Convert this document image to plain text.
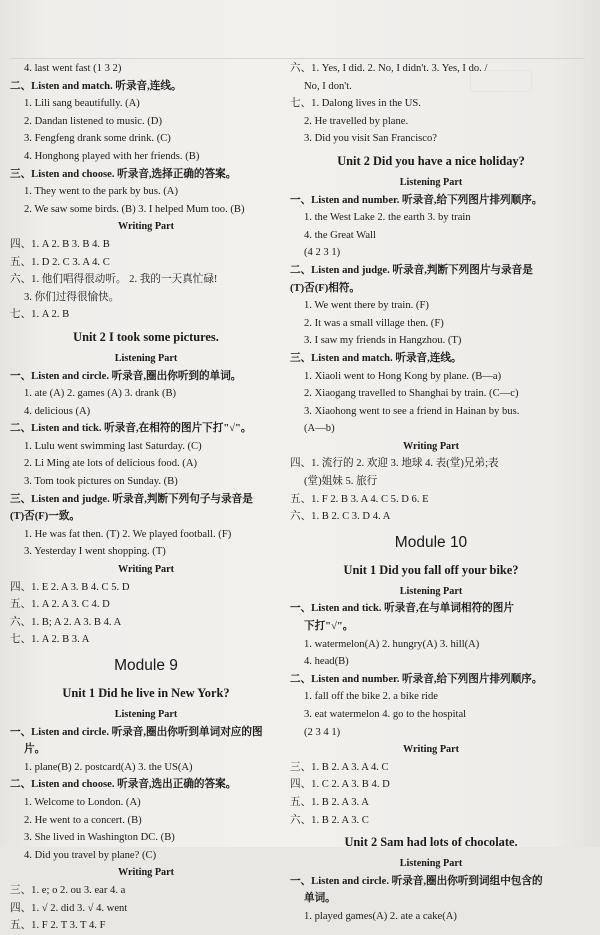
4. last went fast (1 3 2)
二、Listen and match. 听录音,连线。
1. Lili sang beautifully. (A)
2. Dandan listened to music. (D)
3. Fengfeng drank some drink. (C)
4. Honghong played with her friends. (B)
三、Listen and choose. 听录音,选择正确的答案。
1. They went to the park by bus. (A)
2. We saw some birds. (B) 3. I helped Mum too. (B)
Writing Part
四、1. A 2. B 3. B 4. B
五、1. D 2. C 3. A 4. C
六、1. 他们唱得很动听。 2. 我的一天真忙碌!
3. 你们过得很愉快。
七、1. A 2. B
Unit 2 I took some pictures.
Listening Part
一、Listen and circle. 听录音,圈出你听到的单词。
1. ate (A) 2. games (A) 3. drank (B)
4. delicious (A)
二、Listen and tick. 听录音,在相符的图片下打"√"。
1. Lulu went swimming last Saturday. (C)
2. Li Ming ate lots of delicious food. (A)
3. Tom took pictures on Sunday. (B)
三、Listen and judge. 听录音,判断下列句子与录音是
(T)否(F)一致。
1. He was fat then. (T) 2. We played football. (F)
3. Yesterday I went shopping. (T)
Writing Part
四、1. E 2. A 3. B 4. C 5. D
五、1. A 2. A 3. C 4. D
六、1. B; A 2. A 3. B 4. A
七、1. A 2. B 3. A
Module 9
Unit 1 Did he live in New York?
Listening Part
一、Listen and circle. 听录音,圈出你听到单词对应的图
片。
1. plane(B) 2. postcard(A) 3. the US(A)
二、Listen and choose. 听录音,选出正确的答案。
1. Welcome to London. (A)
2. He went to a concert. (B)
3. She lived in Washington DC. (B)
4. Did you travel by plane? (C)
Writing Part
三、1. e; o 2. ou 3. ear 4. a
四、1. √ 2. did 3. √ 4. went
五、1. F 2. T 3. T 4. F
六、1. Yes, I did. 2. No, I didn't. 3. Yes, I do. /
No, I don't.
七、1. Dalong lives in the US.
2. He travelled by plane.
3. Did you visit San Francisco?
Unit 2 Did you have a nice holiday?
Listening Part
一、Listen and number. 听录音,给下列图片排列顺序。
1. the West Lake 2. the earth 3. by train
4. the Great Wall
(4 2 3 1)
二、Listen and judge. 听录音,判断下列图片与录音是
(T)否(F)相符。
1. We went there by train. (F)
2. It was a small village then. (F)
3. I saw my friends in Hangzhou. (T)
三、Listen and match. 听录音,连线。
1. Xiaoli went to Hong Kong by plane. (B—a)
2. Xiaogang travelled to Shanghai by train. (C—c)
3. Xiaohong went to see a friend in Hainan by bus.
(A—b)
Writing Part
四、1. 流行的 2. 欢迎 3. 地球 4. 表(堂)兄弟;表
(堂)姐妹 5. 旅行
五、1. F 2. B 3. A 4. C 5. D 6. E
六、1. B 2. C 3. D 4. A
Module 10
Unit 1 Did you fall off your bike?
Listening Part
一、Listen and tick. 听录音,在与单词相符的图片
下打"√"。
1. watermelon(A) 2. hungry(A) 3. hill(A)
4. head(B)
二、Listen and number. 听录音,给下列图片排列顺序。
1. fall off the bike 2. a bike ride
3. eat watermelon 4. go to the hospital
(2 3 4 1)
Writing Part
三、1. B 2. A 3. A 4. C
四、1. C 2. A 3. B 4. D
五、1. B 2. A 3. A
六、1. B 2. A 3. C
Unit 2 Sam had lots of chocolate.
Listening Part
一、Listen and circle. 听录音,圈出你听到词组中包含的
单词。
1. played games(A) 2. ate a cake(A)
